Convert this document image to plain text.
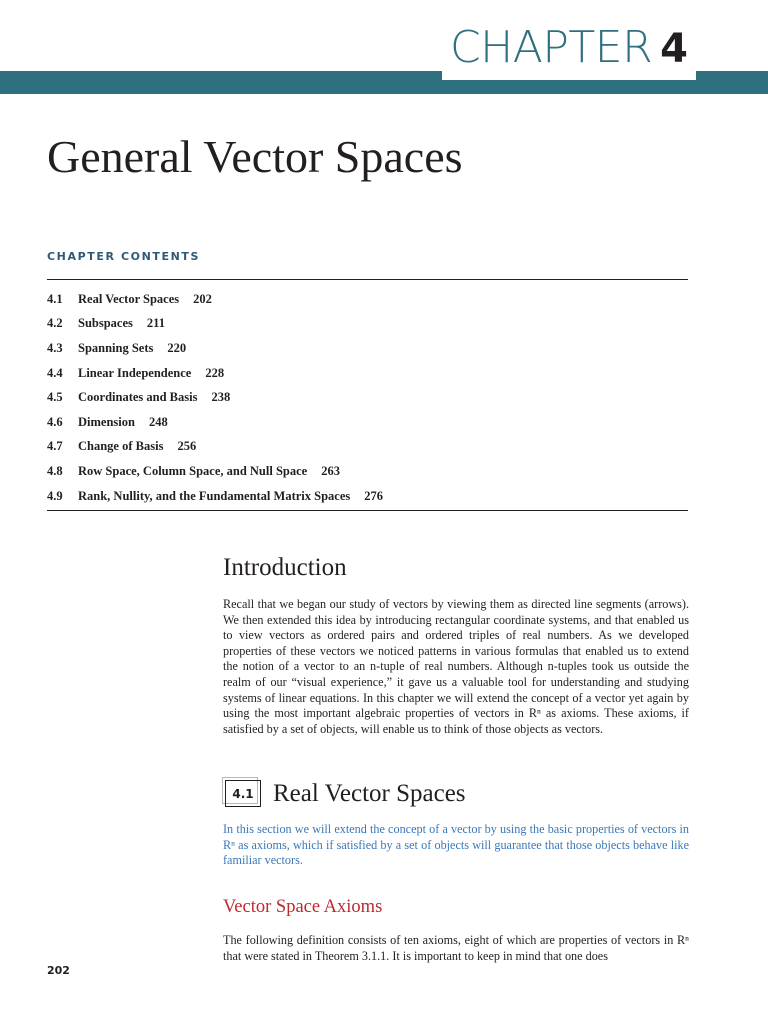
CHAPTER 4
General Vector Spaces
CHAPTER CONTENTS
4.1	Real Vector Spaces 202
4.2	Subspaces 211
4.3	Spanning Sets 220
4.4	Linear Independence 228
4.5	Coordinates and Basis 238
4.6	Dimension 248
4.7	Change of Basis 256
4.8	Row Space, Column Space, and Null Space 263
4.9	Rank, Nullity, and the Fundamental Matrix Spaces 276
Introduction

Recall that we began our study of vectors by viewing them as directed line segments (arrows). We then extended this idea by introducing rectangular coordinate systems, and that enabled us to view vectors as ordered pairs and ordered triples of real numbers. As we developed properties of these vectors we noticed patterns in various formulas that enabled us to extend the notion of a vector to an n-tuple of real numbers. Although n-tuples took us outside the realm of our “visual experience,” it gave us a valuable tool for understanding and studying systems of linear equations. In this chapter we will extend the concept of a vector yet again by using the most important algebraic properties of vectors in Rⁿ as axioms. These axioms, if satisfied by a set of objects, will enable us to think of those objects as vectors.

4.1 Real Vector Spaces

In this section we will extend the concept of a vector by using the basic properties of vectors in Rⁿ as axioms, which if satisfied by a set of objects will guarantee that those objects behave like familiar vectors.

Vector Space Axioms

The following definition consists of ten axioms, eight of which are properties of vectors in Rⁿ that were stated in Theorem 3.1.1. It is important to keep in mind that one does

202
